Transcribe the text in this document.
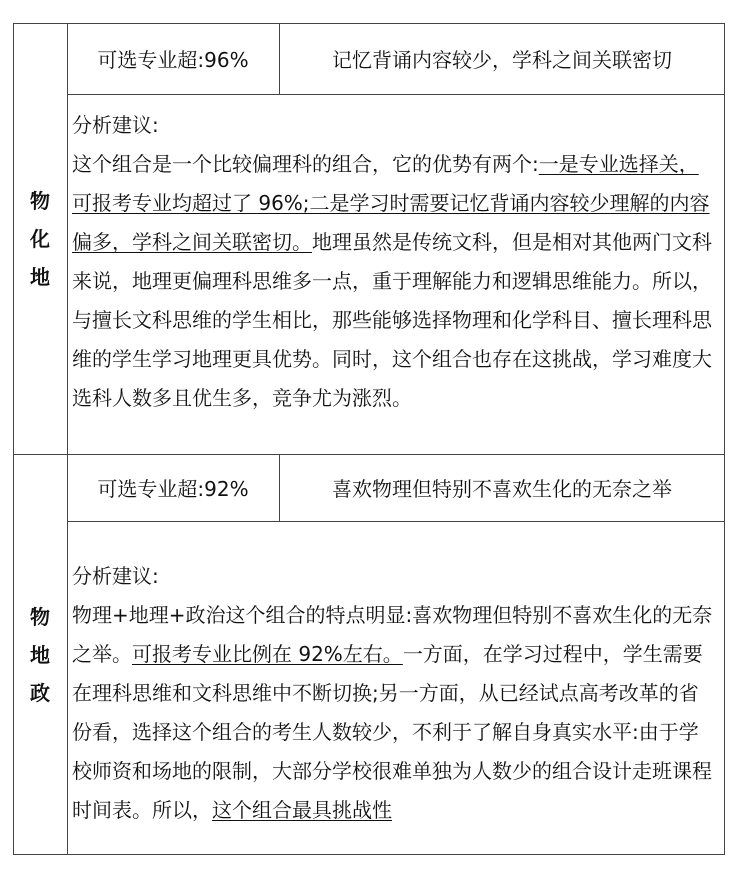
物
化
地
可选专业超:96%	记忆背诵内容较少，学科之间关联密切

分析建议:

这个组合是一个比较偏理科的组合，它的优势有两个:一是专业选择关，可报考专业均超过了 96%;二是学习时需要记忆背诵内容较少理解的内容偏多，学科之间关联密切。地理虽然是传统文科，但是相对其他两门文科来说，地理更偏理科思维多一点，重于理解能力和逻辑思维能力。所以，与擅长文科思维的学生相比，那些能够选择物理和化学科目、擅长理科思维的学生学习地理更具优势。同时，这个组合也存在这挑战，学习难度大选科人数多且优生多，竞争尤为涨烈。

物
地
政
可选专业超:92%	喜欢物理但特别不喜欢生化的无奈之举

分析建议:

物理+地理+政治这个组合的特点明显:喜欢物理但特别不喜欢生化的无奈之举。可报考专业比例在 92%左右。一方面，在学习过程中，学生需要在理科思维和文科思维中不断切换;另一方面，从已经试点高考改革的省份看，选择这个组合的考生人数较少，不利于了解自身真实水平:由于学校师资和场地的限制，大部分学校很难单独为人数少的组合设计走班课程时间表。所以，这个组合最具挑战性
